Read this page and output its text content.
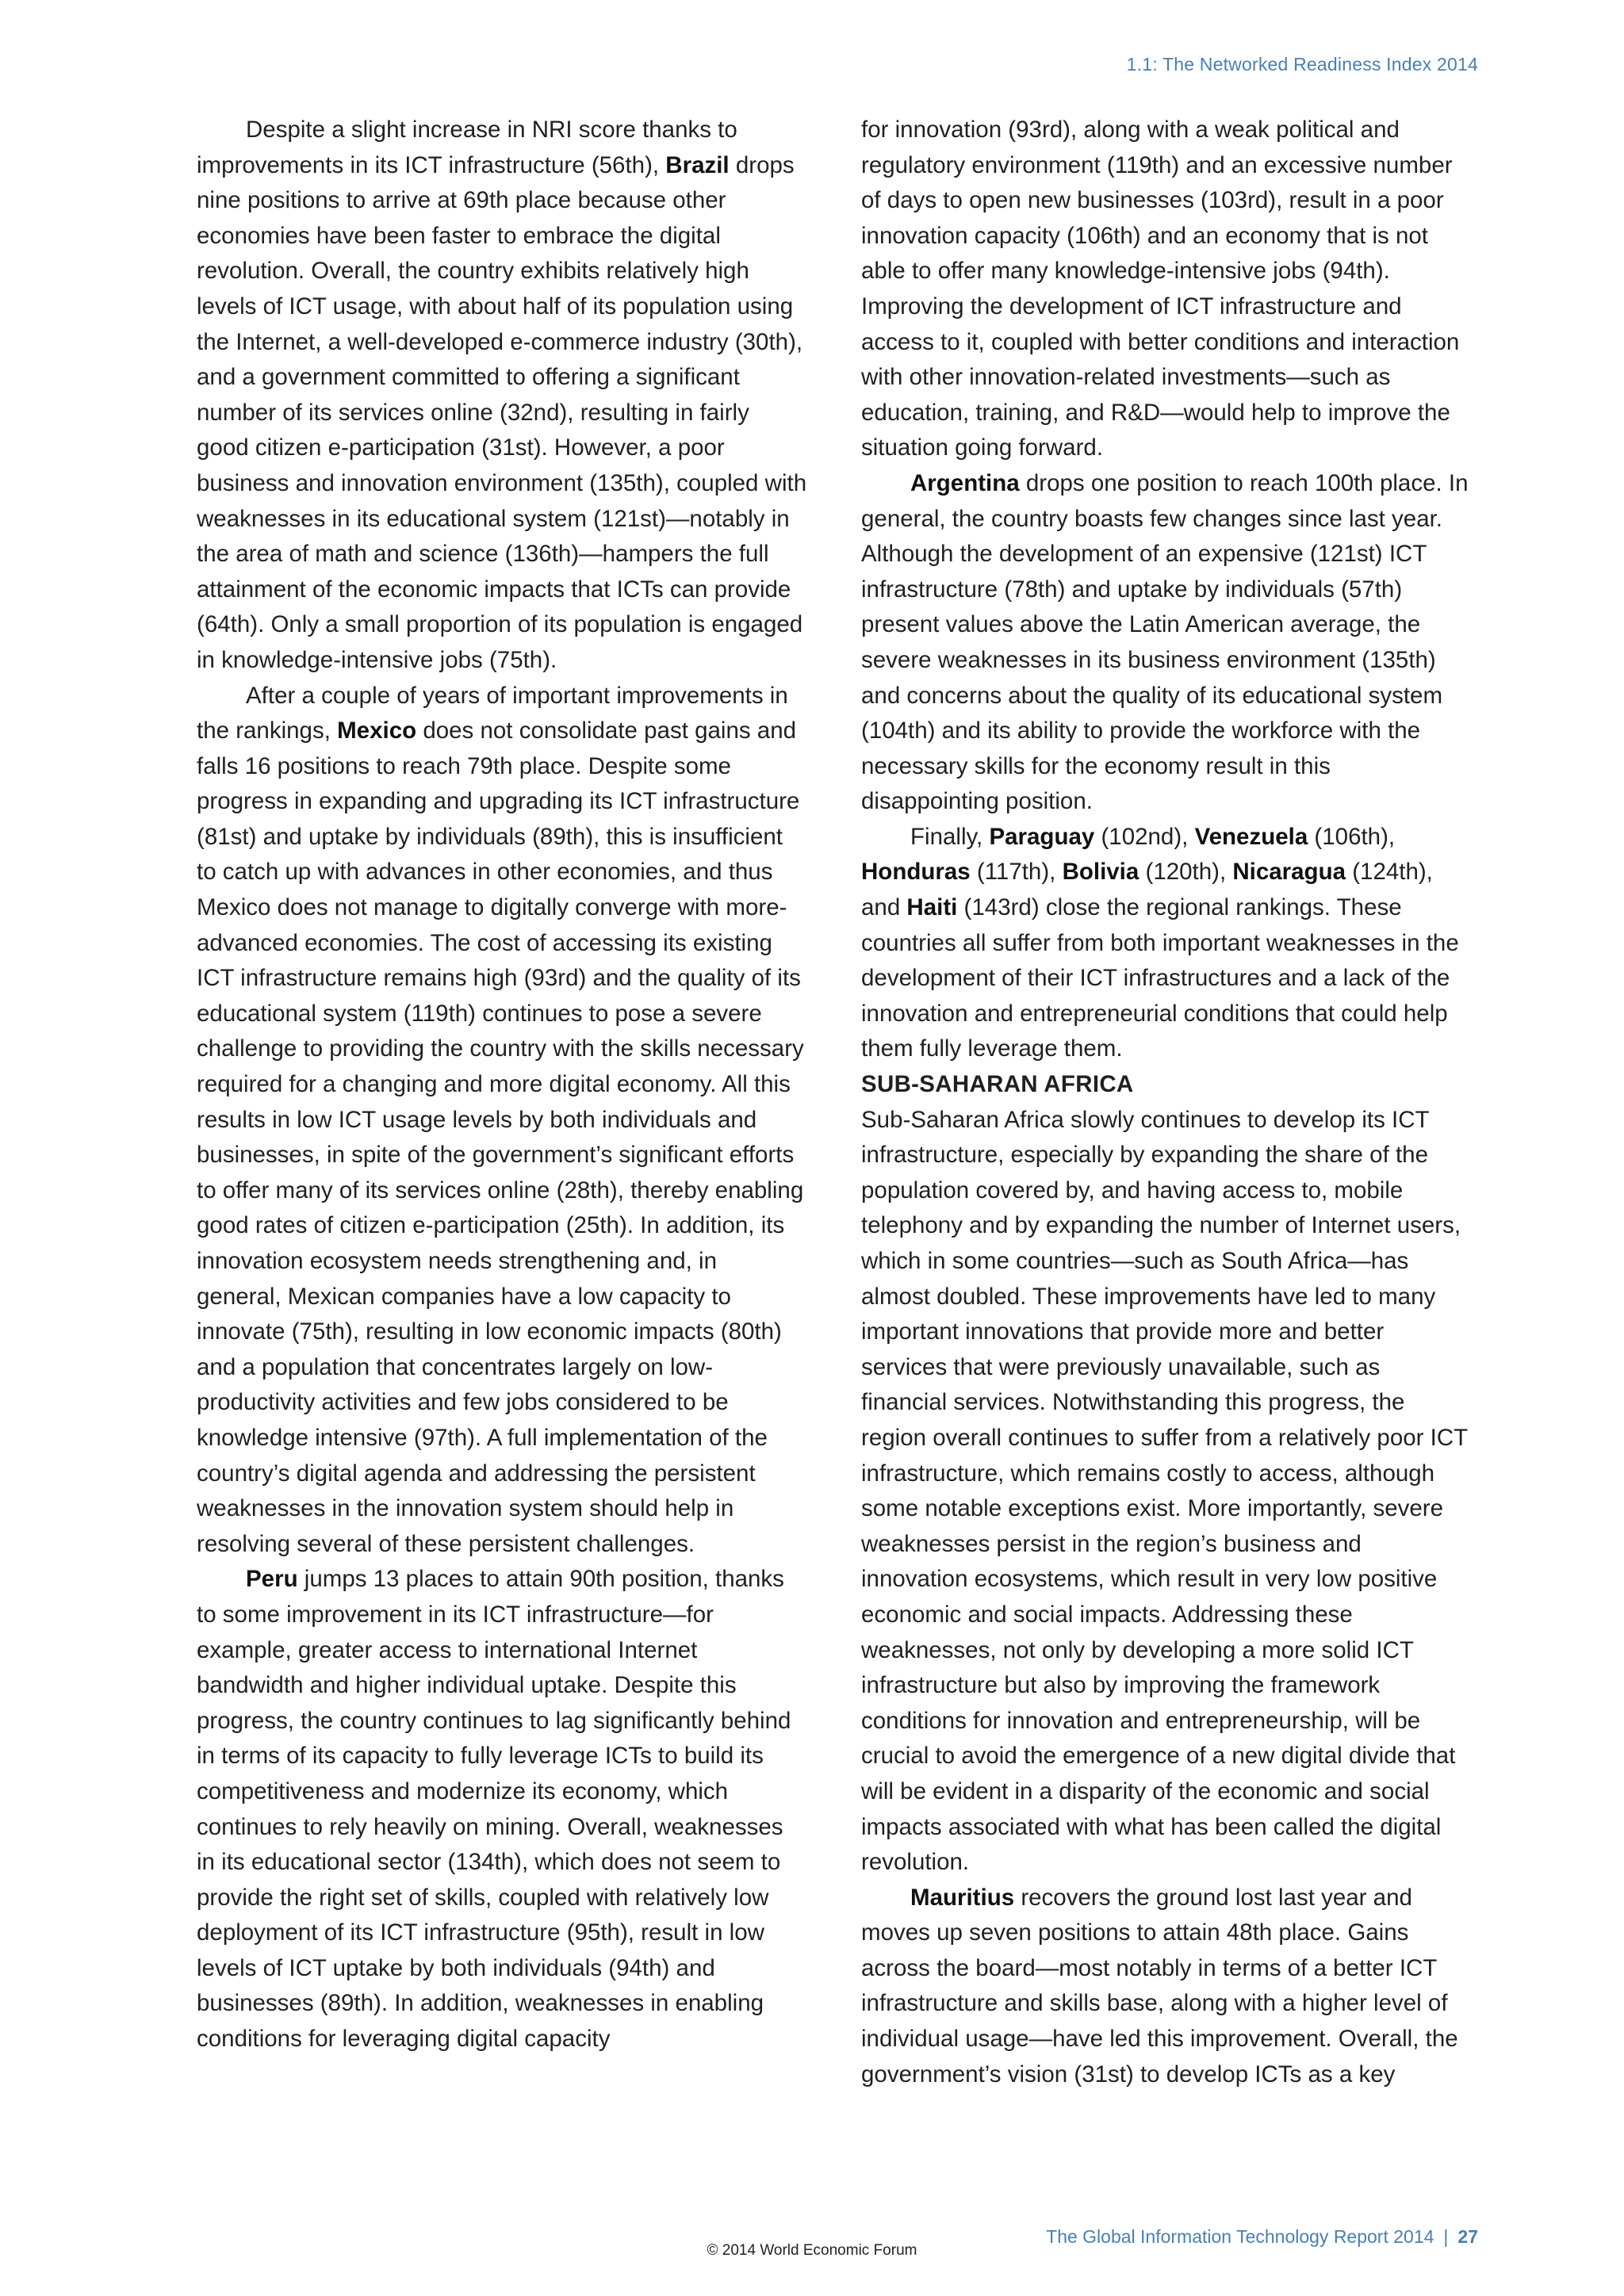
1.1: The Networked Readiness Index 2014

Despite a slight increase in NRI score thanks to improvements in its ICT infrastructure (56th), Brazil drops nine positions to arrive at 69th place because other economies have been faster to embrace the digital revolution. Overall, the country exhibits relatively high levels of ICT usage, with about half of its population using the Internet, a well-developed e-commerce industry (30th), and a government committed to offering a significant number of its services online (32nd), resulting in fairly good citizen e-participation (31st). However, a poor business and innovation environment (135th), coupled with weaknesses in its educational system (121st)—notably in the area of math and science (136th)—hampers the full attainment of the economic impacts that ICTs can provide (64th). Only a small proportion of its population is engaged in knowledge-intensive jobs (75th).

After a couple of years of important improvements in the rankings, Mexico does not consolidate past gains and falls 16 positions to reach 79th place. Despite some progress in expanding and upgrading its ICT infrastructure (81st) and uptake by individuals (89th), this is insufficient to catch up with advances in other economies, and thus Mexico does not manage to digitally converge with more-advanced economies. The cost of accessing its existing ICT infrastructure remains high (93rd) and the quality of its educational system (119th) continues to pose a severe challenge to providing the country with the skills necessary required for a changing and more digital economy. All this results in low ICT usage levels by both individuals and businesses, in spite of the government’s significant efforts to offer many of its services online (28th), thereby enabling good rates of citizen e-participation (25th). In addition, its innovation ecosystem needs strengthening and, in general, Mexican companies have a low capacity to innovate (75th), resulting in low economic impacts (80th) and a population that concentrates largely on low-productivity activities and few jobs considered to be knowledge intensive (97th). A full implementation of the country’s digital agenda and addressing the persistent weaknesses in the innovation system should help in resolving several of these persistent challenges.

Peru jumps 13 places to attain 90th position, thanks to some improvement in its ICT infrastructure—for example, greater access to international Internet bandwidth and higher individual uptake. Despite this progress, the country continues to lag significantly behind in terms of its capacity to fully leverage ICTs to build its competitiveness and modernize its economy, which continues to rely heavily on mining. Overall, weaknesses in its educational sector (134th), which does not seem to provide the right set of skills, coupled with relatively low deployment of its ICT infrastructure (95th), result in low levels of ICT uptake by both individuals (94th) and businesses (89th). In addition, weaknesses in enabling conditions for leveraging digital capacity

for innovation (93rd), along with a weak political and regulatory environment (119th) and an excessive number of days to open new businesses (103rd), result in a poor innovation capacity (106th) and an economy that is not able to offer many knowledge-intensive jobs (94th). Improving the development of ICT infrastructure and access to it, coupled with better conditions and interaction with other innovation-related investments—such as education, training, and R&D—would help to improve the situation going forward.

Argentina drops one position to reach 100th place. In general, the country boasts few changes since last year. Although the development of an expensive (121st) ICT infrastructure (78th) and uptake by individuals (57th) present values above the Latin American average, the severe weaknesses in its business environment (135th) and concerns about the quality of its educational system (104th) and its ability to provide the workforce with the necessary skills for the economy result in this disappointing position.

Finally, Paraguay (102nd), Venezuela (106th), Honduras (117th), Bolivia (120th), Nicaragua (124th), and Haiti (143rd) close the regional rankings. These countries all suffer from both important weaknesses in the development of their ICT infrastructures and a lack of the innovation and entrepreneurial conditions that could help them fully leverage them.

SUB-SAHARAN AFRICA

Sub-Saharan Africa slowly continues to develop its ICT infrastructure, especially by expanding the share of the population covered by, and having access to, mobile telephony and by expanding the number of Internet users, which in some countries—such as South Africa—has almost doubled. These improvements have led to many important innovations that provide more and better services that were previously unavailable, such as financial services. Notwithstanding this progress, the region overall continues to suffer from a relatively poor ICT infrastructure, which remains costly to access, although some notable exceptions exist. More importantly, severe weaknesses persist in the region’s business and innovation ecosystems, which result in very low positive economic and social impacts. Addressing these weaknesses, not only by developing a more solid ICT infrastructure but also by improving the framework conditions for innovation and entrepreneurship, will be crucial to avoid the emergence of a new digital divide that will be evident in a disparity of the economic and social impacts associated with what has been called the digital revolution.

Mauritius recovers the ground lost last year and moves up seven positions to attain 48th place. Gains across the board—most notably in terms of a better ICT infrastructure and skills base, along with a higher level of individual usage—have led this improvement. Overall, the government’s vision (31st) to develop ICTs as a key

The Global Information Technology Report 2014 | 27
© 2014 World Economic Forum
